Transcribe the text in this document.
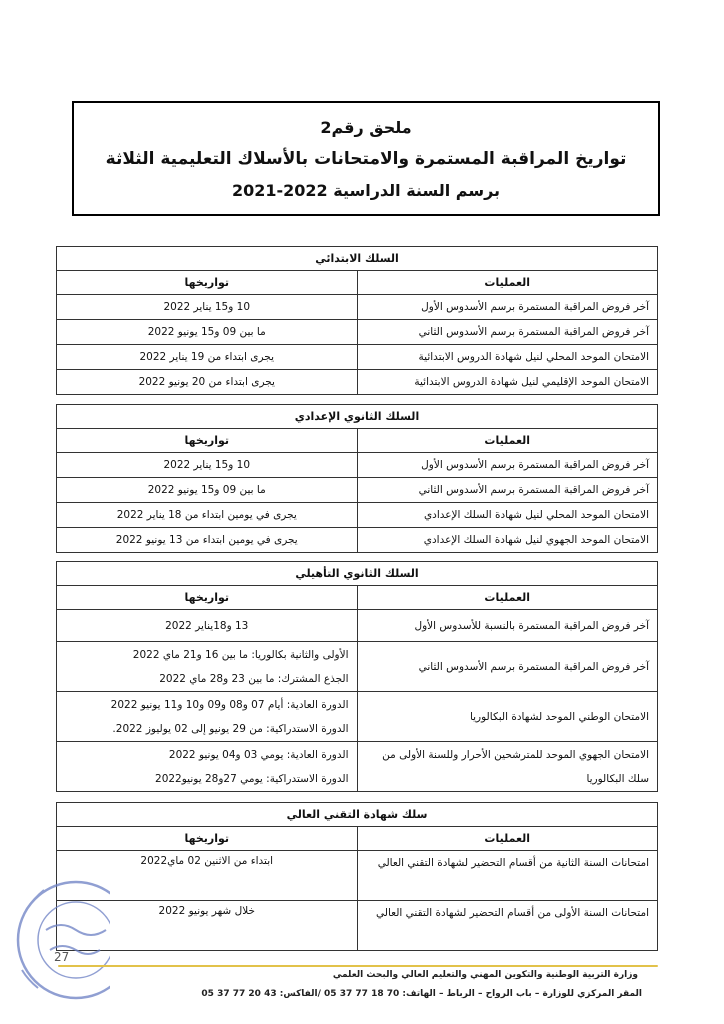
ملحق رقم2
تواريخ المراقبة المستمرة والامتحانات بالأسلاك التعليمية الثلاثة
برسم السنة الدراسية 2022-2021
السلك الابتدائي	
العمليات	تواريخها
آخر فروض المراقبة المستمرة برسم الأسدوس الأول	10 و15 يناير 2022
آخر فروض المراقبة المستمرة برسم الأسدوس الثاني	ما بين 09 و15 يونيو 2022
الامتحان الموحد المحلي لنيل شهادة الدروس الابتدائية	يجرى ابتداء من 19 يناير 2022
الامتحان الموحد الإقليمي لنيل شهادة الدروس الابتدائية	يجرى ابتداء من 20 يونيو 2022
السلك الثانوي الإعدادي	
العمليات	تواريخها
آخر فروض المراقبة المستمرة برسم الأسدوس الأول	10 و15 يناير 2022
آخر فروض المراقبة المستمرة برسم الأسدوس الثاني	ما بين 09 و15 يونيو 2022
الامتحان الموحد المحلي لنيل شهادة السلك الإعدادي	يجرى في يومين ابتداء من 18 يناير 2022
الامتحان الموحد الجهوي لنيل شهادة السلك الإعدادي	يجرى في يومين ابتداء من 13 يونيو 2022
السلك الثانوي التأهيلي	
العمليات	تواريخها
آخر فروض المراقبة المستمرة بالنسبة للأسدوس الأول	13 و18يناير 2022
آخر فروض المراقبة المستمرة برسم الأسدوس الثاني	الأولى والثانية بكالوريا: ما بين 16 و21 ماي 2022
الجذع المشترك: ما بين 23 و28 ماي 2022

الامتحان الوطني الموحد لشهادة البكالوريا	الدورة العادية: أيام 07 و08 و09 و10 و11 يونيو 2022
الدورة الاستدراكية: من 29 يونيو إلى 02 يوليوز 2022.

الامتحان الجهوي الموحد للمترشحين الأحرار وللسنة الأولى من سلك البكالوريا	الدورة العادية: يومي 03 و04 يونيو 2022
الدورة الاستدراكية: يومي 27و28 يونيو2022
سلك شهادة التقني العالي	
العمليات	تواريخها
امتحانات السنة الثانية من أقسام التحضير لشهادة التقني العالي	ابتداء من الاثنين 02 ماي2022
امتحانات السنة الأولى من أقسام التحضير لشهادة التقني العالي	خلال شهر يونيو 2022
27
وزارة التربية الوطنية والتكوين المهني والتعليم العالي والبحث العلمي
المقر المركزي للوزارة – باب الرواح – الرباط – الهاتف: 70 18 77 37 05 /الفاكس: 43 20 77 37 05
